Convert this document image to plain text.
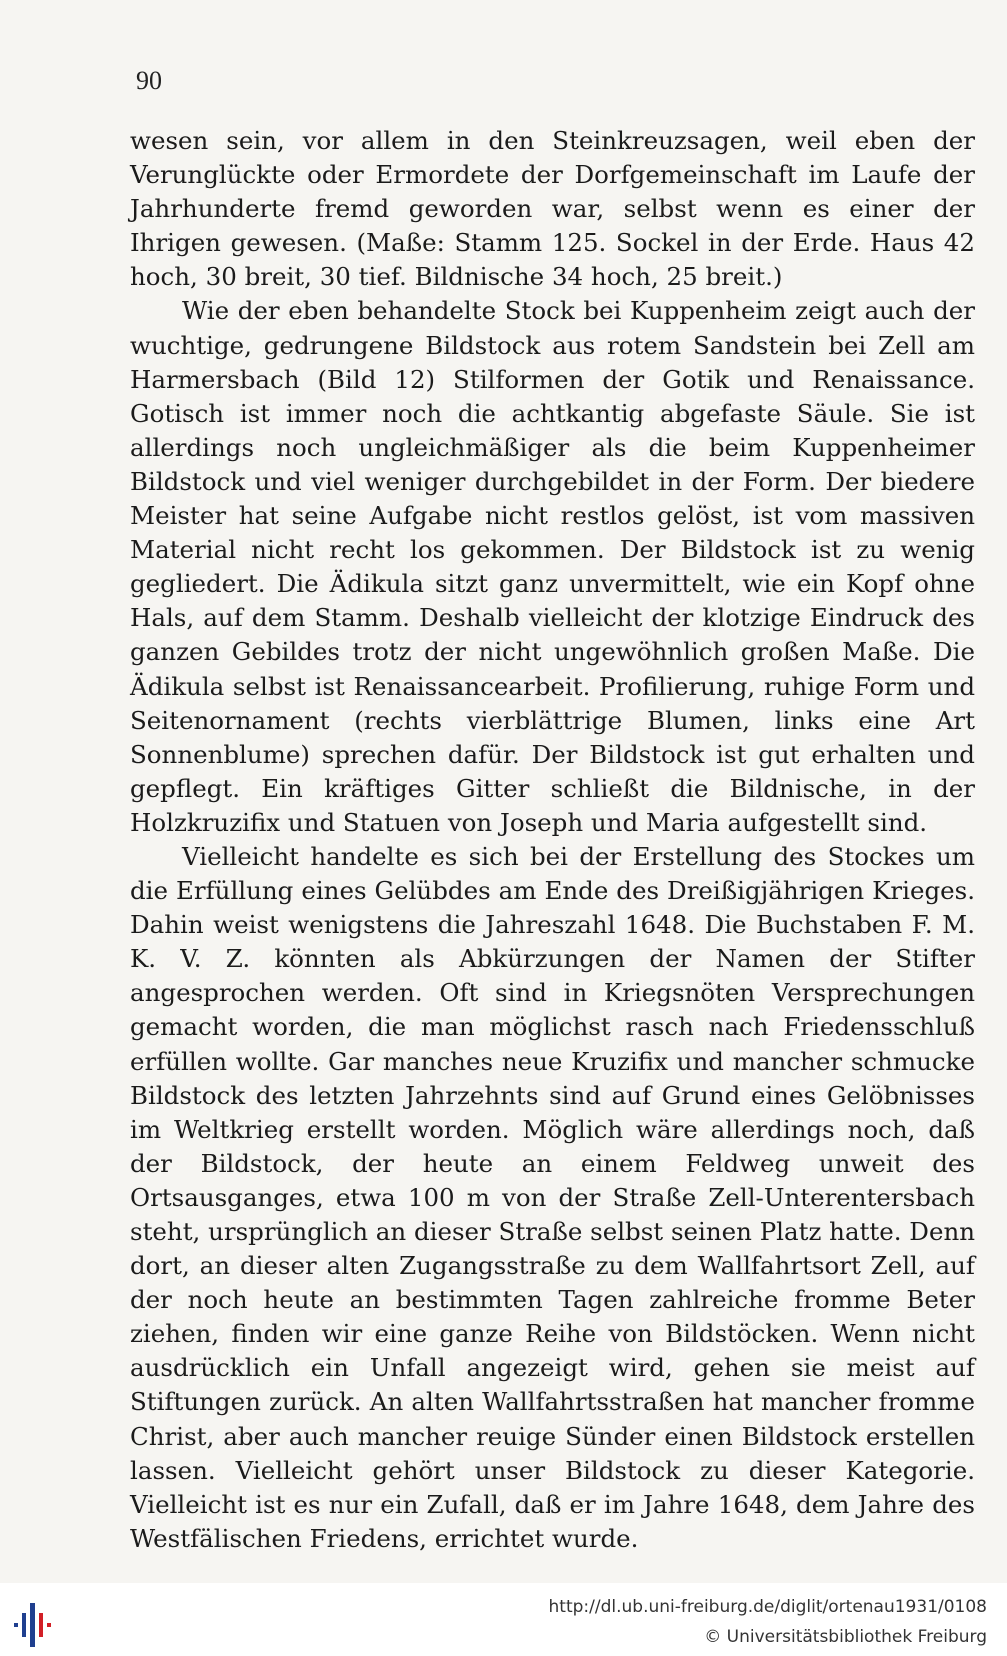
90

wesen sein, vor allem in den Steinkreuzsagen, weil eben der Verunglückte oder Ermordete der Dorfgemeinschaft im Laufe der Jahrhunderte fremd geworden war, selbst wenn es einer der Ihrigen gewesen. (Maße: Stamm 125. Sockel in der Erde. Haus 42 hoch, 30 breit, 30 tief. Bildnische 34 hoch, 25 breit.)

Wie der eben behandelte Stock bei Kuppenheim zeigt auch der wuchtige, gedrungene Bildstock aus rotem Sandstein bei Zell am Harmersbach (Bild 12) Stilformen der Gotik und Renaissance. Gotisch ist immer noch die achtkantig abgefaste Säule. Sie ist allerdings noch ungleichmäßiger als die beim Kuppenheimer Bildstock und viel weniger durchgebildet in der Form. Der biedere Meister hat seine Aufgabe nicht restlos gelöst, ist vom massiven Material nicht recht los gekommen. Der Bildstock ist zu wenig gegliedert. Die Ädikula sitzt ganz unvermittelt, wie ein Kopf ohne Hals, auf dem Stamm. Deshalb vielleicht der klotzige Eindruck des ganzen Gebildes trotz der nicht ungewöhnlich großen Maße. Die Ädikula selbst ist Renaissancearbeit. Profilierung, ruhige Form und Seitenornament (rechts vierblättrige Blumen, links eine Art Sonnenblume) sprechen dafür. Der Bildstock ist gut erhalten und gepflegt. Ein kräftiges Gitter schließt die Bildnische, in der Holzkruzifix und Statuen von Joseph und Maria aufgestellt sind.

Vielleicht handelte es sich bei der Erstellung des Stockes um die Erfüllung eines Gelübdes am Ende des Dreißigjährigen Krieges. Dahin weist wenigstens die Jahreszahl 1648. Die Buchstaben F. M. K. V. Z. könnten als Abkürzungen der Namen der Stifter angesprochen werden. Oft sind in Kriegsnöten Versprechungen gemacht worden, die man möglichst rasch nach Friedensschluß erfüllen wollte. Gar manches neue Kruzifix und mancher schmucke Bildstock des letzten Jahrzehnts sind auf Grund eines Gelöbnisses im Weltkrieg erstellt worden. Möglich wäre allerdings noch, daß der Bildstock, der heute an einem Feldweg unweit des Ortsausganges, etwa 100 m von der Straße Zell-Unterentersbach steht, ursprünglich an dieser Straße selbst seinen Platz hatte. Denn dort, an dieser alten Zugangsstraße zu dem Wallfahrtsort Zell, auf der noch heute an bestimmten Tagen zahlreiche fromme Beter ziehen, finden wir eine ganze Reihe von Bildstöcken. Wenn nicht ausdrücklich ein Unfall angezeigt wird, gehen sie meist auf Stiftungen zurück. An alten Wallfahrtsstraßen hat mancher fromme Christ, aber auch mancher reuige Sünder einen Bildstock erstellen lassen. Vielleicht gehört unser Bildstock zu dieser Kategorie. Vielleicht ist es nur ein Zufall, daß er im Jahre 1648, dem Jahre des Westfälischen Friedens, errichtet wurde.

http://dl.ub.uni-freiburg.de/diglit/ortenau1931/0108
© Universitätsbibliothek Freiburg
